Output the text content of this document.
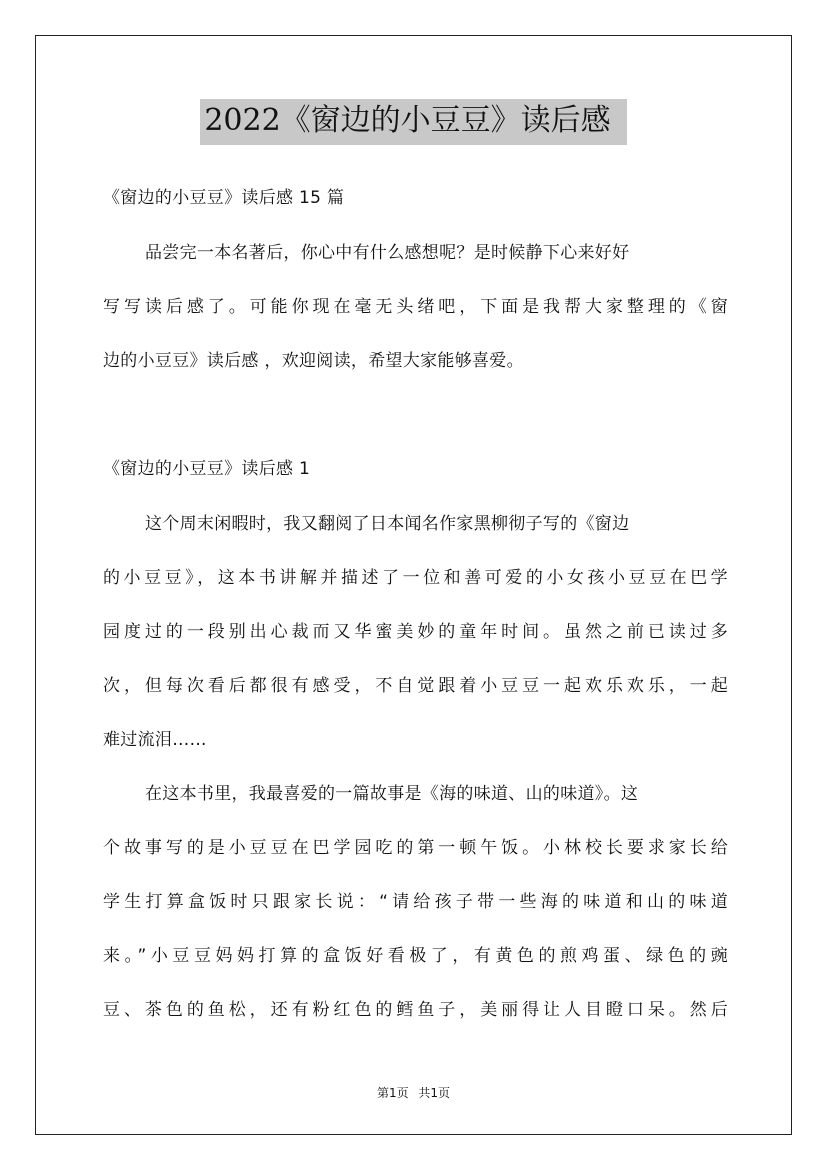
2022《窗边的小豆豆》读后感
《窗边的小豆豆》读后感 15 篇
品尝完一本名著后，你心中有什么感想呢？是时候静下心来好好
写写读后感了。可能你现在毫无头绪吧，下面是我帮大家整理的《窗
边的小豆豆》读后感 ，欢迎阅读，希望大家能够喜爱。
《窗边的小豆豆》读后感 1
这个周末闲暇时，我又翻阅了日本闻名作家黑柳彻子写的《窗边
的小豆豆》，这本书讲解并描述了一位和善可爱的小女孩小豆豆在巴学
园度过的一段别出心裁而又华蜜美妙的童年时间。虽然之前已读过多
次，但每次看后都很有感受，不自觉跟着小豆豆一起欢乐欢乐，一起
难过流泪……
在这本书里，我最喜爱的一篇故事是《海的味道、山的味道》。这
个故事写的是小豆豆在巴学园吃的第一顿午饭。小林校长要求家长给
学生打算盒饭时只跟家长说：“请给孩子带一些海的味道和山的味道
来。”小豆豆妈妈打算的盒饭好看极了，有黄色的煎鸡蛋、绿色的豌
豆、茶色的鱼松，还有粉红色的鳕鱼子，美丽得让人目瞪口呆。然后
第1页 共1页
